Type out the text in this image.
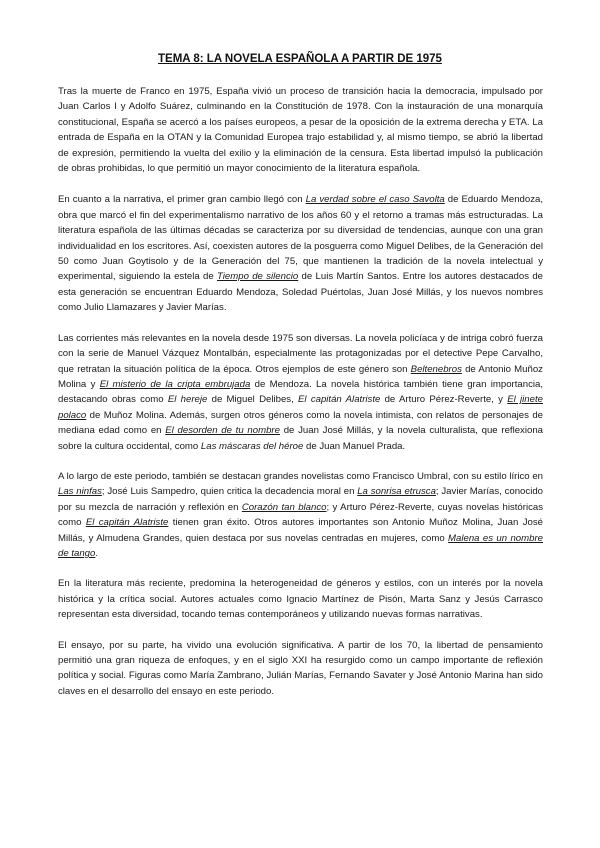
TEMA 8: LA NOVELA ESPAÑOLA A PARTIR DE 1975

Tras la muerte de Franco en 1975, España vivió un proceso de transición hacia la democracia, impulsado por Juan Carlos I y Adolfo Suárez, culminando en la Constitución de 1978. Con la instauración de una monarquía constitucional, España se acercó a los países europeos, a pesar de la oposición de la extrema derecha y ETA. La entrada de España en la OTAN y la Comunidad Europea trajo estabilidad y, al mismo tiempo, se abrió la libertad de expresión, permitiendo la vuelta del exilio y la eliminación de la censura. Esta libertad impulsó la publicación de obras prohibidas, lo que permitió un mayor conocimiento de la literatura española.

En cuanto a la narrativa, el primer gran cambio llegó con La verdad sobre el caso Savolta de Eduardo Mendoza, obra que marcó el fin del experimentalismo narrativo de los años 60 y el retorno a tramas más estructuradas. La literatura española de las últimas décadas se caracteriza por su diversidad de tendencias, aunque con una gran individualidad en los escritores. Así, coexisten autores de la posguerra como Miguel Delibes, de la Generación del 50 como Juan Goytisolo y de la Generación del 75, que mantienen la tradición de la novela intelectual y experimental, siguiendo la estela de Tiempo de silencio de Luis Martín Santos. Entre los autores destacados de esta generación se encuentran Eduardo Mendoza, Soledad Puértolas, Juan José Millás, y los nuevos nombres como Julio Llamazares y Javier Marías.

Las corrientes más relevantes en la novela desde 1975 son diversas. La novela policíaca y de intriga cobró fuerza con la serie de Manuel Vázquez Montalbán, especialmente las protagonizadas por el detective Pepe Carvalho, que retratan la situación política de la época. Otros ejemplos de este género son Beltenebros de Antonio Muñoz Molina y El misterio de la cripta embrujada de Mendoza. La novela histórica también tiene gran importancia, destacando obras como El hereje de Miguel Delibes, El capitán Alatriste de Arturo Pérez-Reverte, y El jinete polaco de Muñoz Molina. Además, surgen otros géneros como la novela intimista, con relatos de personajes de mediana edad como en El desorden de tu nombre de Juan José Millás, y la novela culturalista, que reflexiona sobre la cultura occidental, como Las máscaras del héroe de Juan Manuel Prada.

A lo largo de este periodo, también se destacan grandes novelistas como Francisco Umbral, con su estilo lírico en Las ninfas; José Luis Sampedro, quien critica la decadencia moral en La sonrisa etrusca; Javier Marías, conocido por su mezcla de narración y reflexión en Corazón tan blanco; y Arturo Pérez-Reverte, cuyas novelas históricas como El capitán Alatriste tienen gran éxito. Otros autores importantes son Antonio Muñoz Molina, Juan José Millás, y Almudena Grandes, quien destaca por sus novelas centradas en mujeres, como Malena es un nombre de tango.

En la literatura más reciente, predomina la heterogeneidad de géneros y estilos, con un interés por la novela histórica y la crítica social. Autores actuales como Ignacio Martínez de Pisón, Marta Sanz y Jesús Carrasco representan esta diversidad, tocando temas contemporáneos y utilizando nuevas formas narrativas.

El ensayo, por su parte, ha vivido una evolución significativa. A partir de los 70, la libertad de pensamiento permitió una gran riqueza de enfoques, y en el siglo XXI ha resurgido como un campo importante de reflexión política y social. Figuras como María Zambrano, Julián Marías, Fernando Savater y José Antonio Marina han sido claves en el desarrollo del ensayo en este periodo.
